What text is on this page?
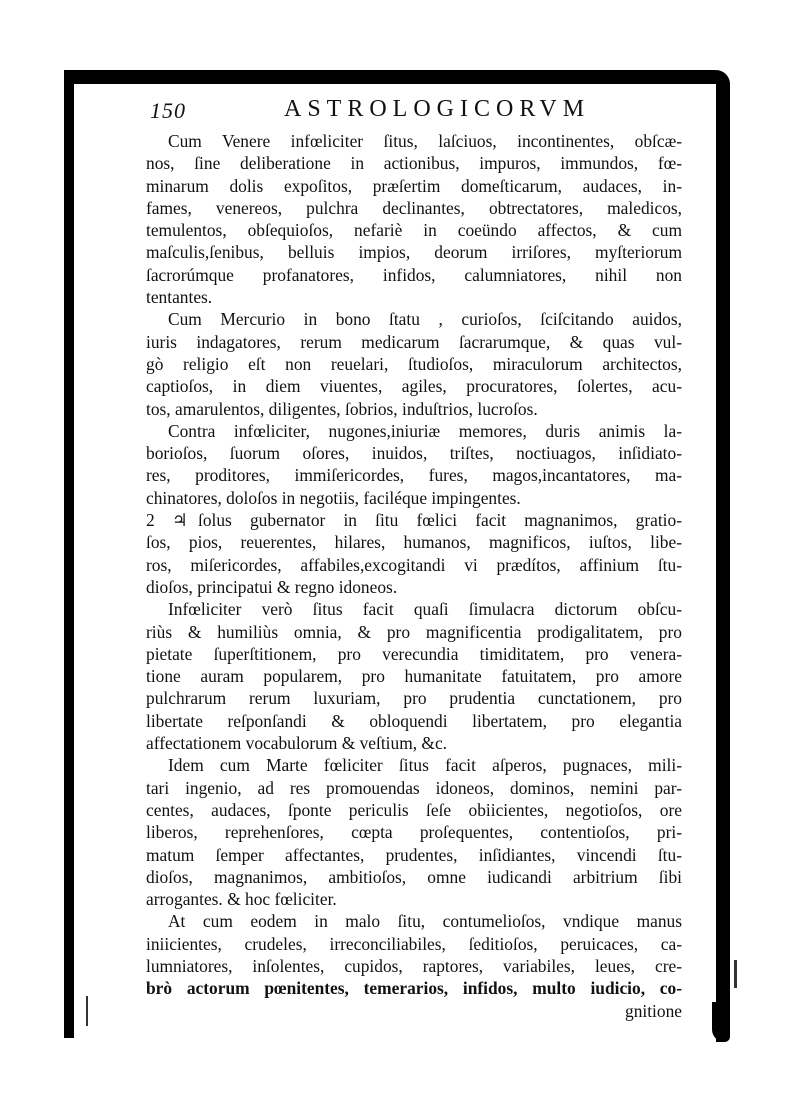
150	ASTROLOGICORVM
Cum Venere infœliciter ſitus, laſciuos, incontinentes, obſcæ-
nos, ſine deliberatione in actionibus, impuros, immundos, fœ-
minarum dolis expoſitos, præſertim domeſticarum, audaces, in-
fames, venereos, pulchra declinantes, obtrectatores, maledicos,
temulentos, obſequioſos, nefariè in coeündo affectos, & cum
maſculis,ſenibus, belluis impios, deorum irriſores, myſteriorum
ſacrorúmque profanatores, infidos, calumniatores, nihil non
tentantes.
Cum Mercurio in bono ſtatu , curioſos, ſciſcitando auidos,
iuris indagatores, rerum medicarum ſacrarumque, & quas vul-
gò religio eſt non reuelari, ſtudioſos, miraculorum architectos,
captioſos, in diem viuentes, agiles, procuratores, ſolertes, acu-
tos, amarulentos, diligentes, ſobrios, induſtrios, lucroſos.
Contra infœliciter, nugones,iniuriæ memores, duris animis la-
borioſos, ſuorum oſores, inuidos, triſtes, noctiuagos, inſidiato-
res, proditores, immiſericordes, fures, magos,incantatores, ma-
chinatores, doloſos in negotiis, faciléque impingentes.
2 ♃ ſolus gubernator in ſitu fœlici facit magnanimos, gratio-
ſos, pios, reuerentes, hilares, humanos, magnificos, iuſtos, libe-
ros, miſericordes, affabiles,excogitandi vi prædítos, affinium ſtu-
dioſos, principatui & regno idoneos.
Infœliciter verò ſitus facit quaſi ſimulacra dictorum obſcu-
riùs & humiliùs omnia, & pro magnificentia prodigalitatem, pro
pietate ſuperſtitionem, pro verecundia timiditatem, pro venera-
tione auram popularem, pro humanitate fatuitatem, pro amore
pulchrarum rerum luxuriam, pro prudentia cunctationem, pro
libertate reſponſandi & obloquendi libertatem, pro elegantia
affectationem vocabulorum & veſtium, &c.
Idem cum Marte fœliciter ſitus facit aſperos, pugnaces, mili-
tari ingenio, ad res promouendas idoneos, dominos, nemini par-
centes, audaces, ſponte periculis ſeſe obiicientes, negotioſos, ore
liberos, reprehenſores, cœpta proſequentes, contentioſos, pri-
matum ſemper affectantes, prudentes, inſidiantes, vincendi ſtu-
dioſos, magnanimos, ambitioſos, omne iudicandi arbitrium ſibi
arrogantes. & hoc fœliciter.
At cum eodem in malo ſitu, contumelioſos, vndique manus
iniicientes, crudeles, irreconciliabiles, ſeditioſos, peruicaces, ca-
lumniatores, inſolentes, cupidos, raptores, variabiles, leues, cre-
brò actorum pœnitentes, temerarios, infidos, multo iudicio, co-
gnitione
